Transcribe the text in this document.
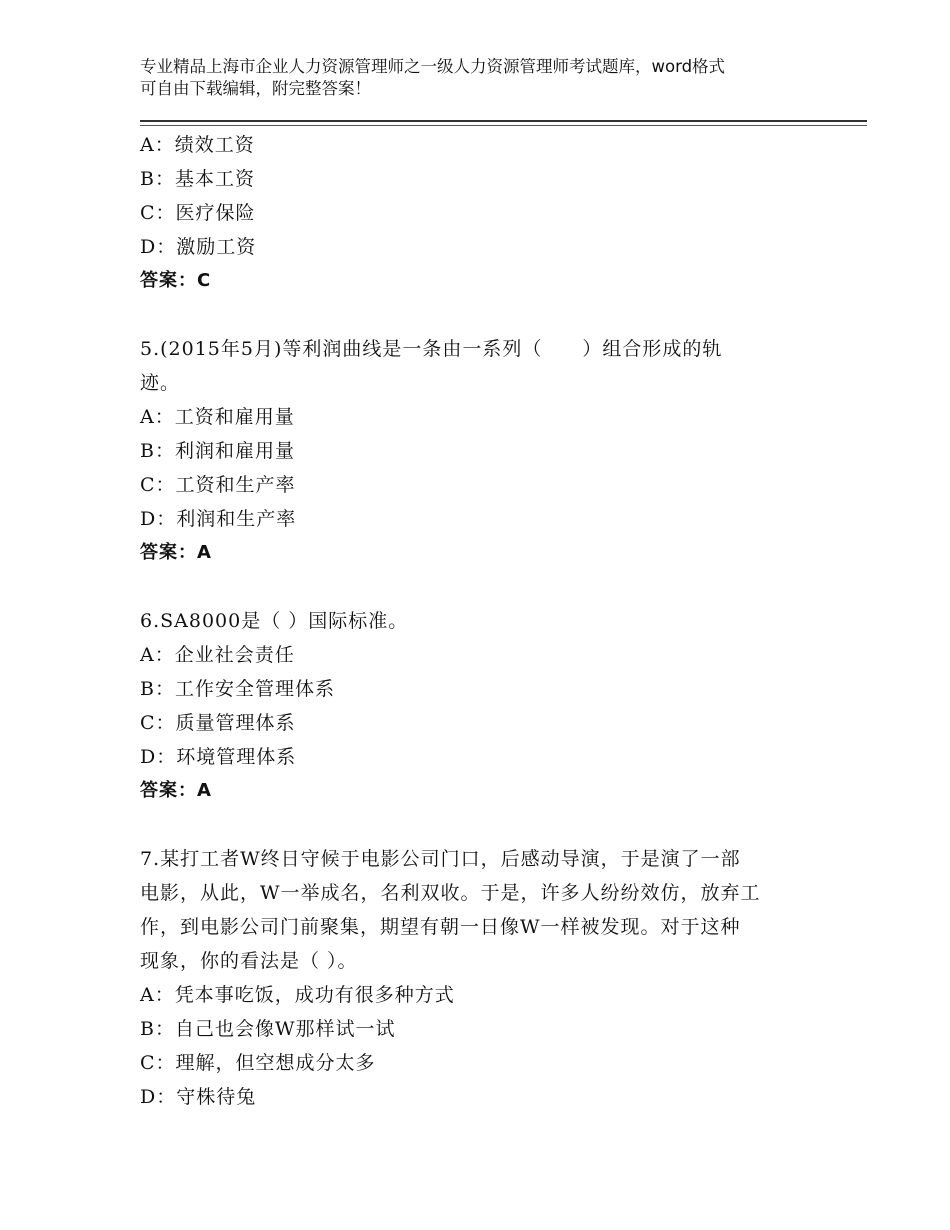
专业精品上海市企业人力资源管理师之一级人力资源管理师考试题库，word格式
可自由下载编辑，附完整答案！
A：绩效工资
B：基本工资
C：医疗保险
D：激励工资
答案：C
5.(2015年5月)等利润曲线是一条由一系列（　　）组合形成的轨
迹。
A：工资和雇用量
B：利润和雇用量
C：工资和生产率
D：利润和生产率
答案：A
6.SA8000是（ ）国际标准。
A：企业社会责任
B：工作安全管理体系
C：质量管理体系
D：环境管理体系
答案：A
7.某打工者W终日守候于电影公司门口，后感动导演，于是演了一部
电影，从此，W一举成名，名利双收。于是，许多人纷纷效仿，放弃工
作，到电影公司门前聚集，期望有朝一日像W一样被发现。对于这种
现象，你的看法是（ ）。
A：凭本事吃饭，成功有很多种方式
B：自己也会像W那样试一试
C：理解，但空想成分太多
D：守株待兔
